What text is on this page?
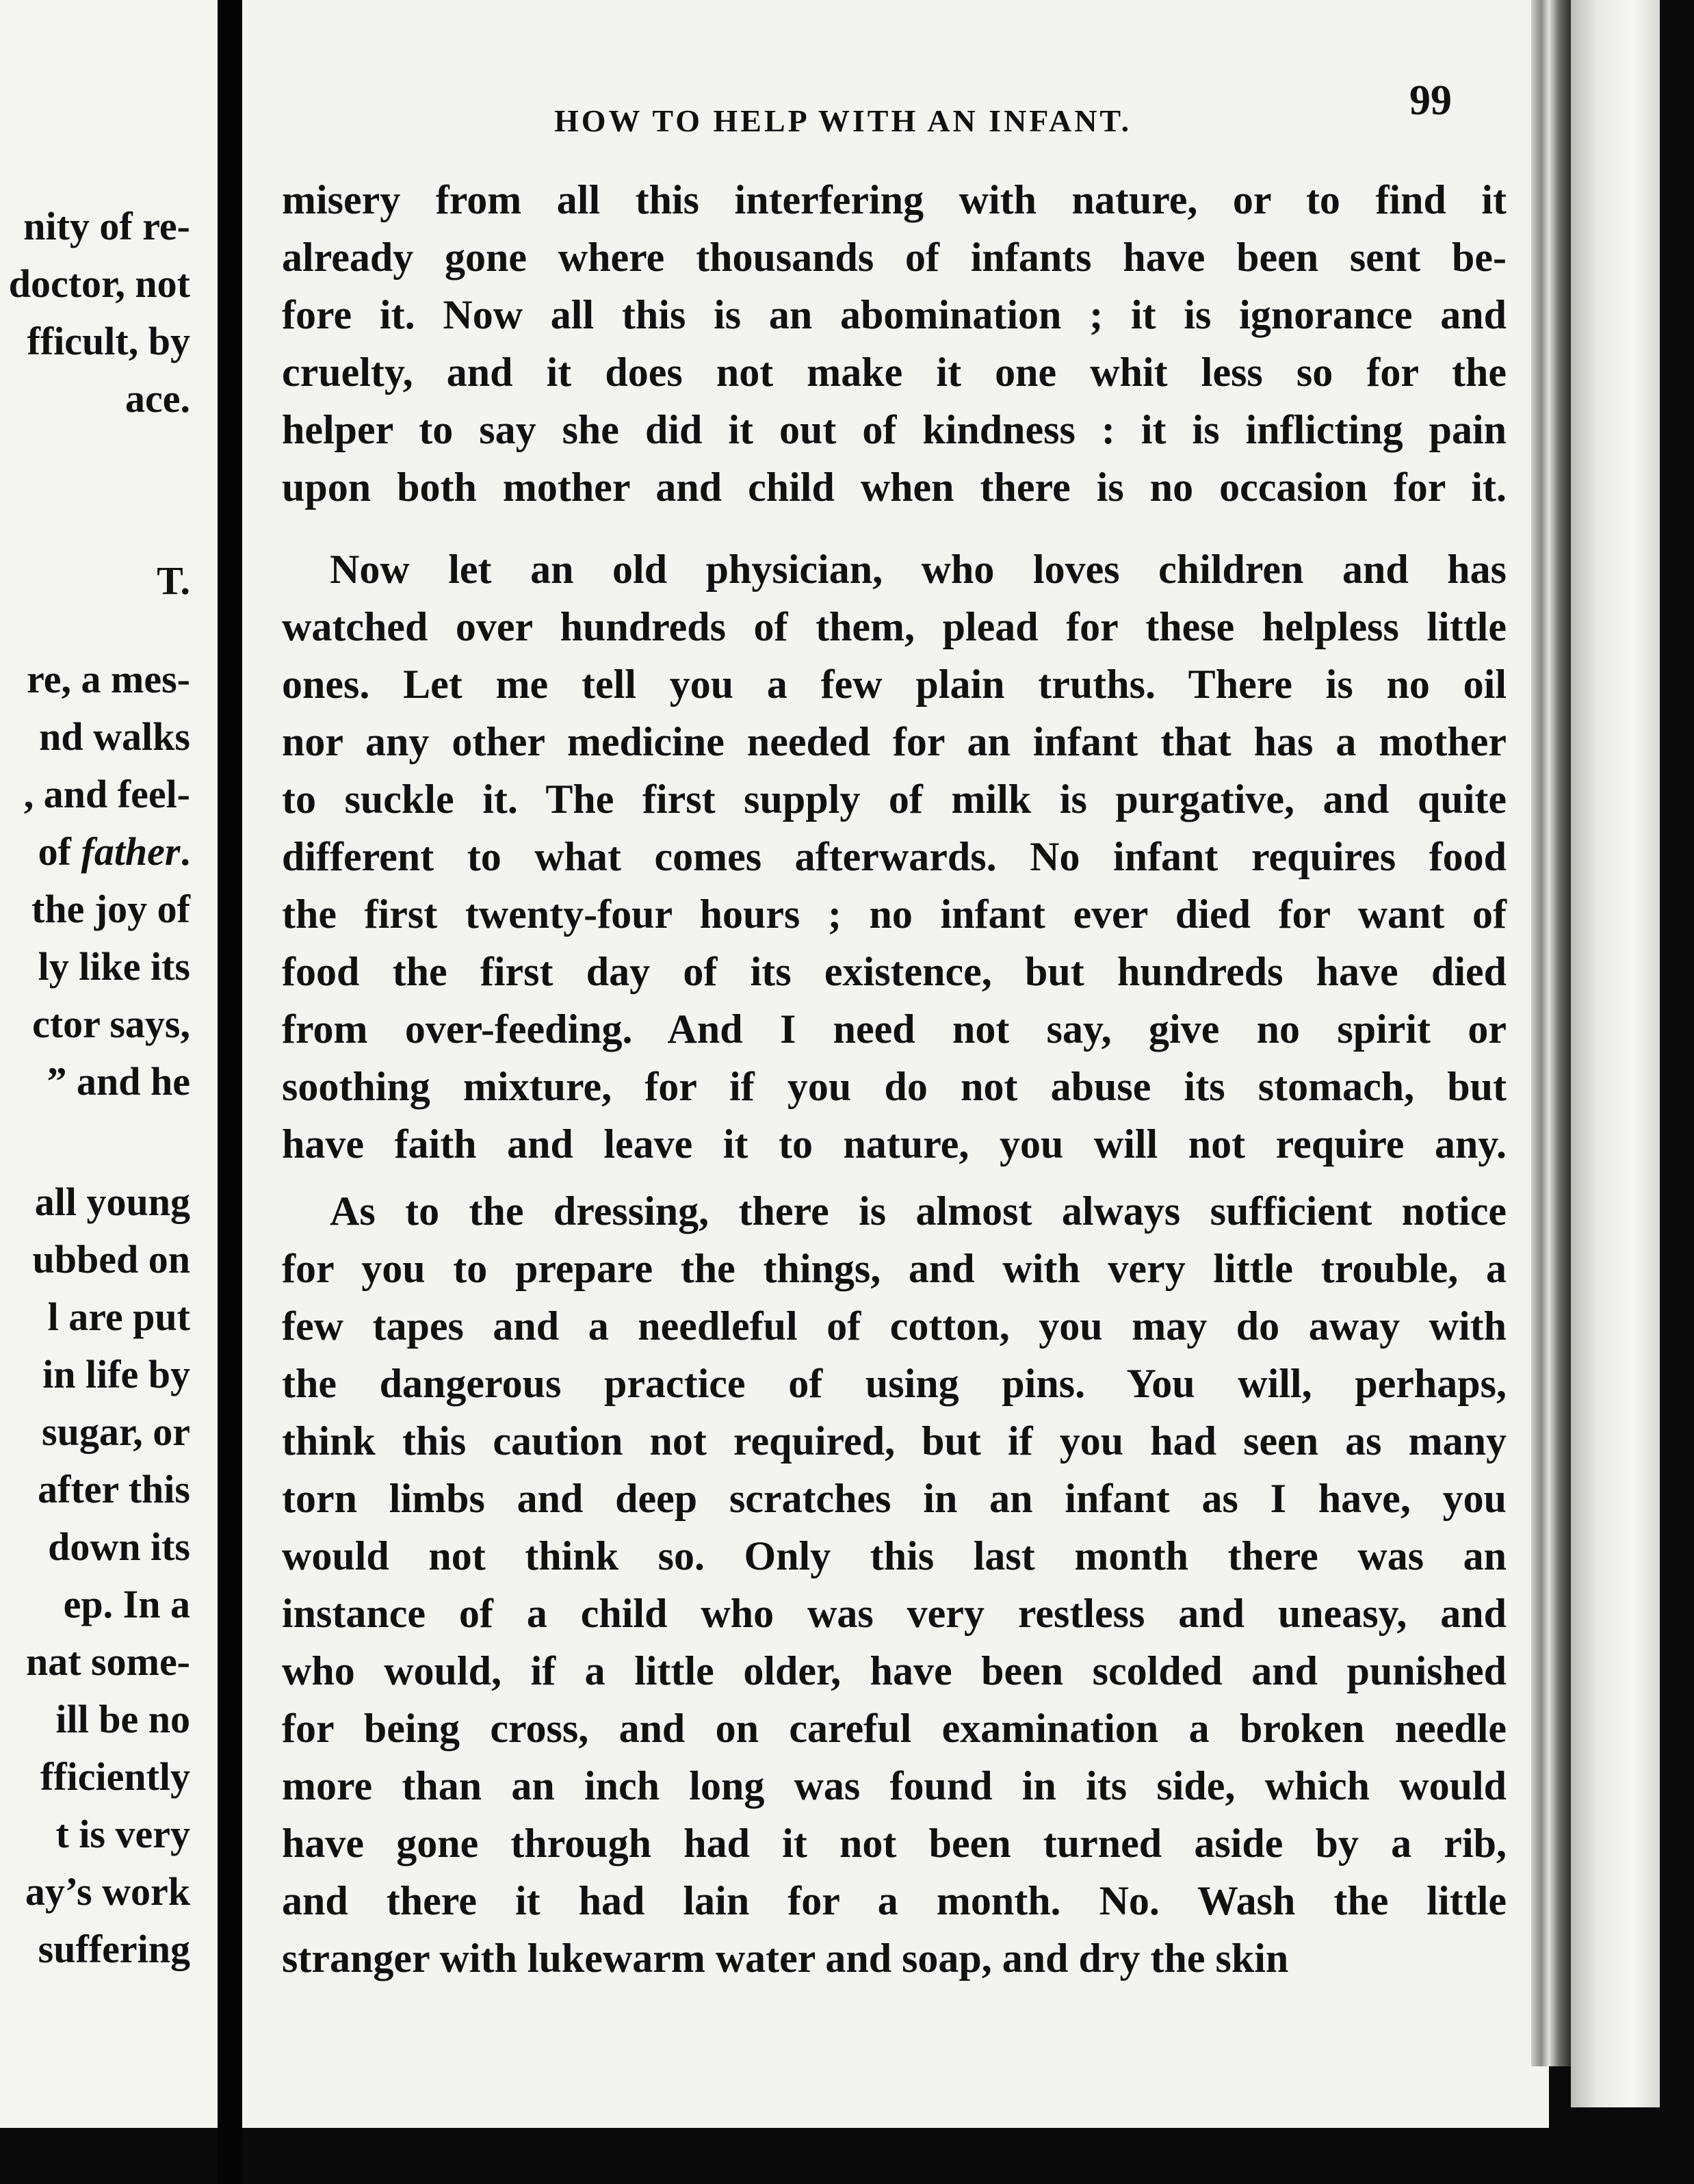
nity of re-
doctor, not
fficult, by
ace.
T.
re, a mes-
nd walks
, and feel-
of father.
the joy of
ly like its
ctor says,
” and he
all young
ubbed on
l are put
in life by
sugar, or
after this
down its
ep. In a
nat some-
ill be no
fficiently
t is very
ay’s work
suffering
HOW TO HELP WITH AN INFANT.	99
misery from all this interfering with nature, or to find it
already gone where thousands of infants have been sent be-
fore it. Now all this is an abomination ; it is ignorance and
cruelty, and it does not make it one whit less so for the
helper to say she did it out of kindness : it is inflicting pain
upon both mother and child when there is no occasion for it.
Now let an old physician, who loves children and has
watched over hundreds of them, plead for these helpless little
ones. Let me tell you a few plain truths. There is no oil
nor any other medicine needed for an infant that has a mother
to suckle it. The first supply of milk is purgative, and quite
different to what comes afterwards. No infant requires food
the first twenty-four hours ; no infant ever died for want of
food the first day of its existence, but hundreds have died
from over-feeding. And I need not say, give no spirit or
soothing mixture, for if you do not abuse its stomach, but
have faith and leave it to nature, you will not require any.
As to the dressing, there is almost always sufficient notice
for you to prepare the things, and with very little trouble, a
few tapes and a needleful of cotton, you may do away with
the dangerous practice of using pins. You will, perhaps,
think this caution not required, but if you had seen as many
torn limbs and deep scratches in an infant as I have, you
would not think so. Only this last month there was an
instance of a child who was very restless and uneasy, and
who would, if a little older, have been scolded and punished
for being cross, and on careful examination a broken needle
more than an inch long was found in its side, which would
have gone through had it not been turned aside by a rib,
and there it had lain for a month. No. Wash the little
stranger with lukewarm water and soap, and dry the skin
